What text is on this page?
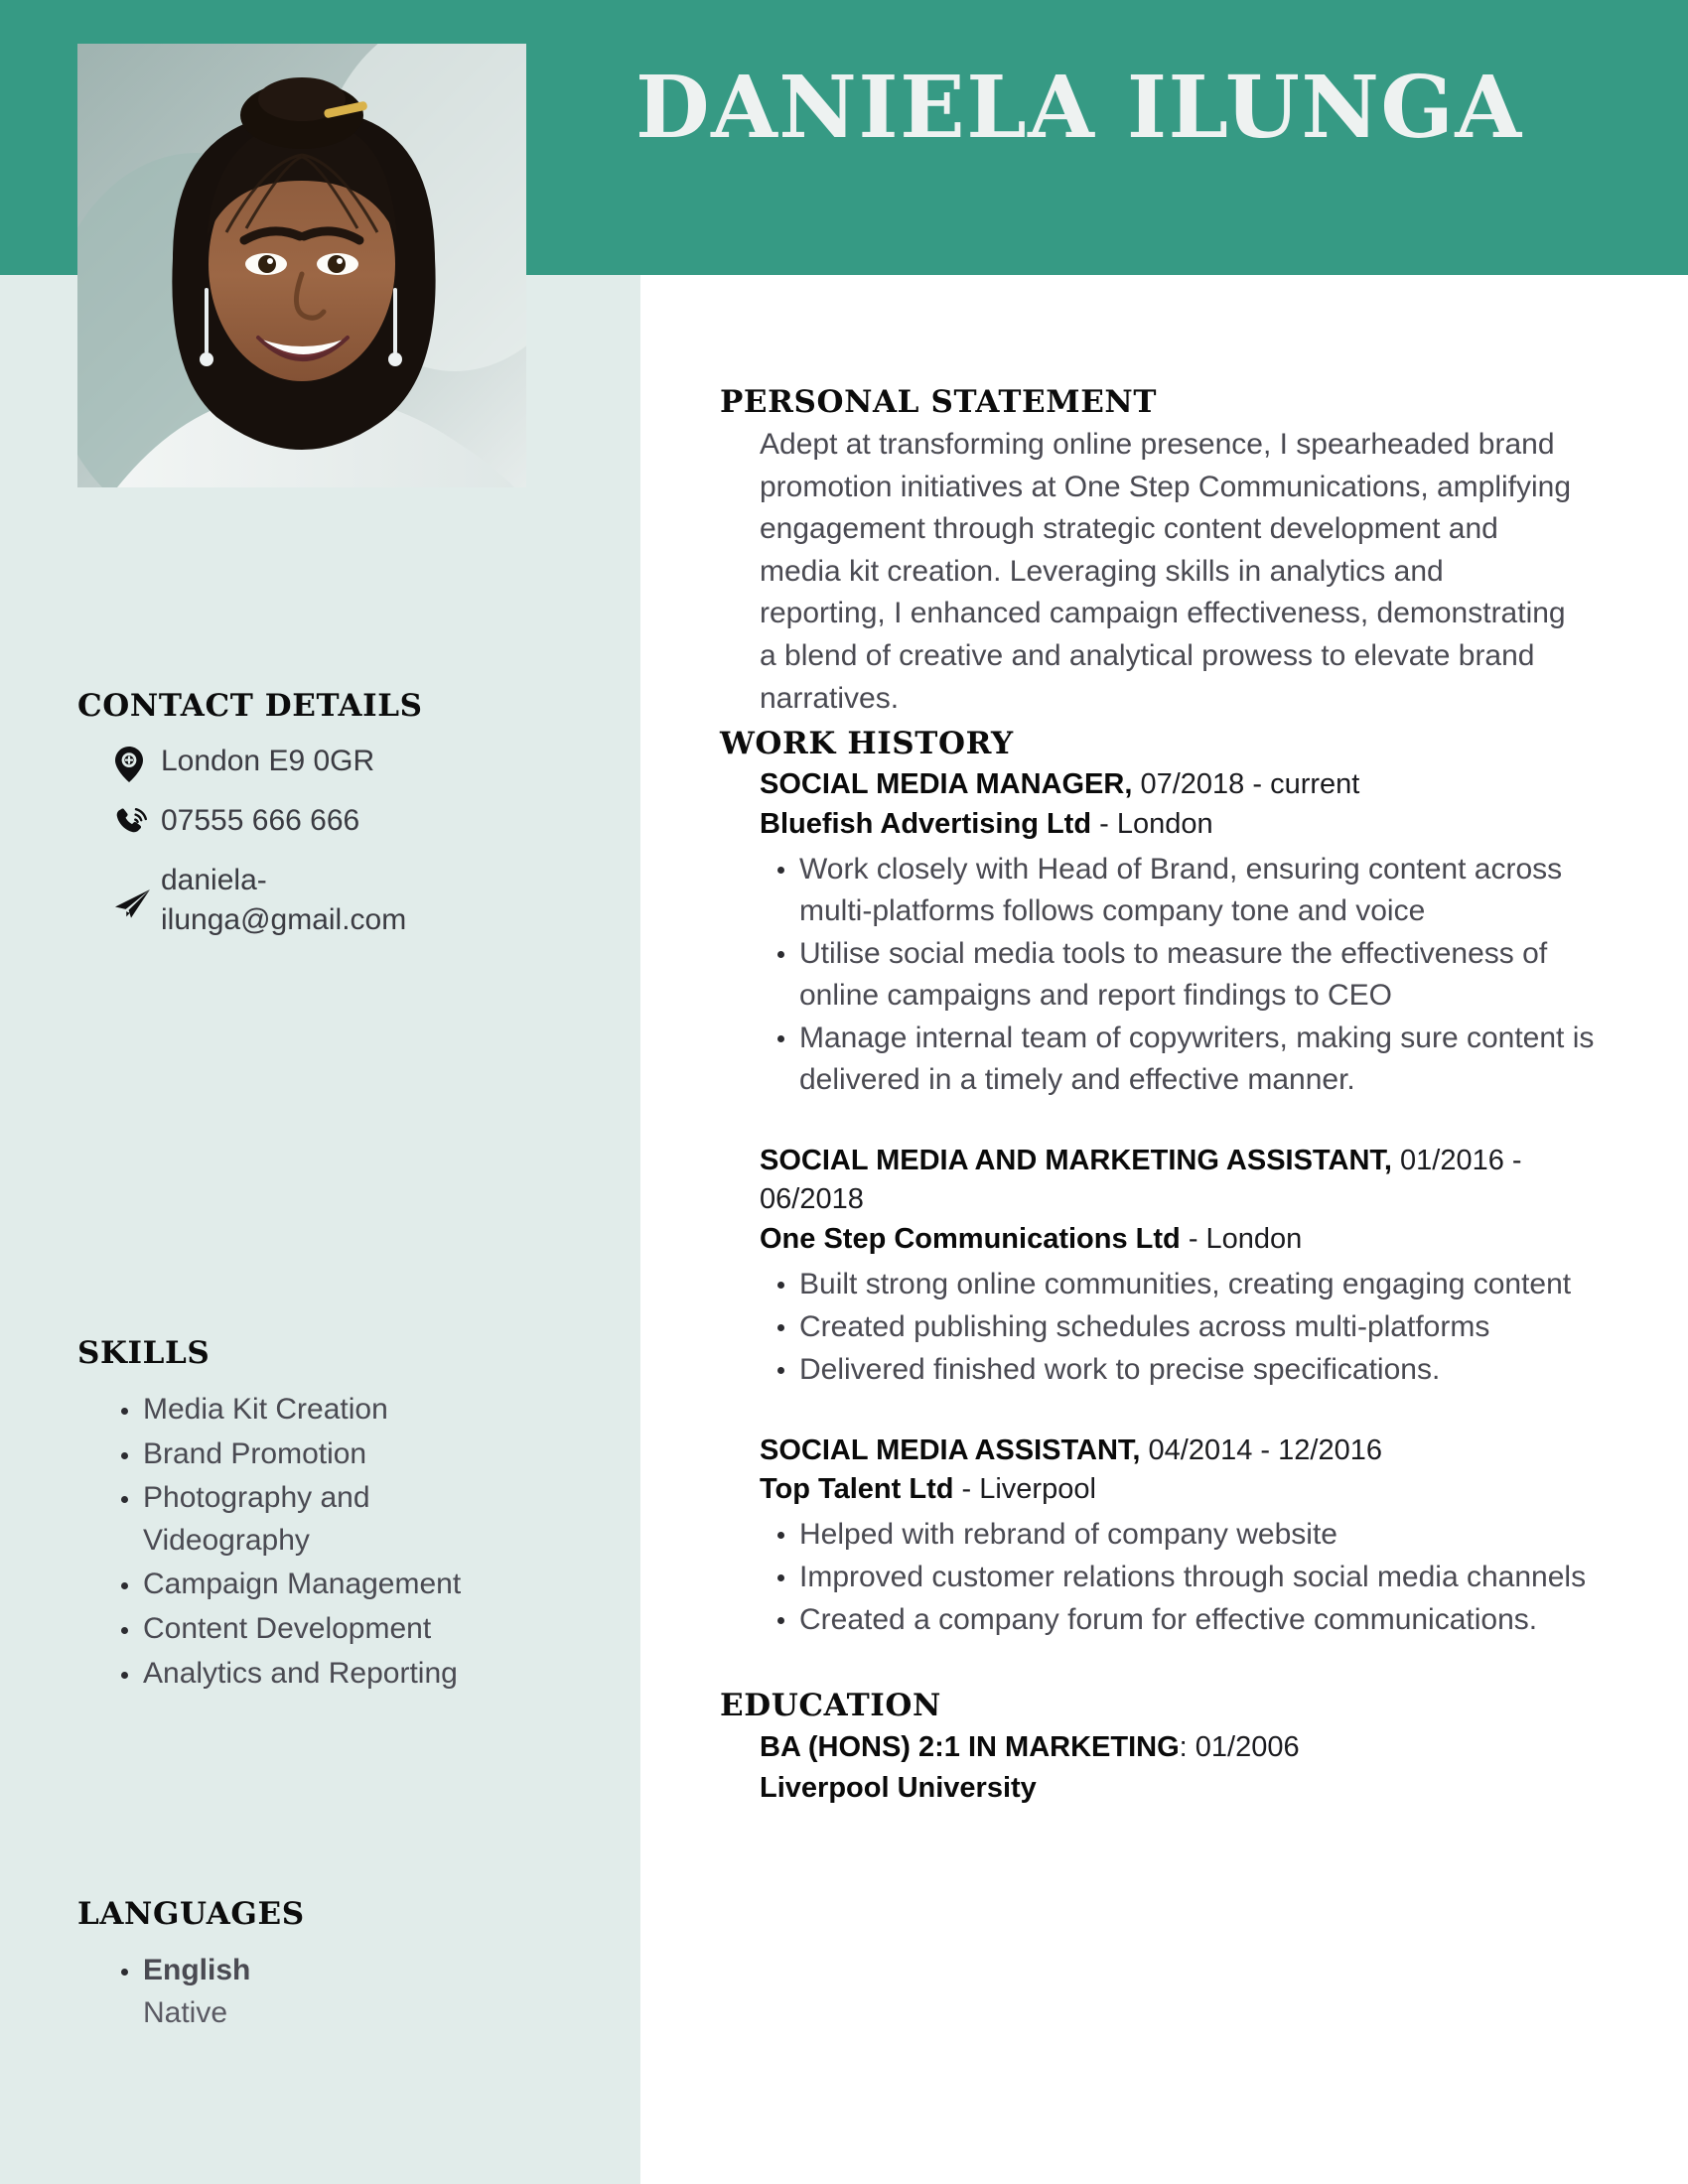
DANIELA ILUNGA
CONTACT DETAILS
London E9 0GR
07555 666 666
daniela-ilunga@gmail.com
SKILLS
Media Kit Creation
Brand Promotion
Photography and Videography
Campaign Management
Content Development
Analytics and Reporting
LANGUAGES
English
Native
PERSONAL STATEMENT

Adept at transforming online presence, I spearheaded brand promotion initiatives at One Step Communications, amplifying engagement through strategic content development and media kit creation. Leveraging skills in analytics and reporting, I enhanced campaign effectiveness, demonstrating a blend of creative and analytical prowess to elevate brand narratives.

WORK HISTORY

SOCIAL MEDIA MANAGER, 07/2018 - current

Bluefish Advertising Ltd - London

Work closely with Head of Brand, ensuring content across multi-platforms follows company tone and voice
Utilise social media tools to measure the effectiveness of online campaigns and report findings to CEO
Manage internal team of copywriters, making sure content is delivered in a timely and effective manner.

SOCIAL MEDIA AND MARKETING ASSISTANT, 01/2016 - 06/2018

One Step Communications Ltd - London

Built strong online communities, creating engaging content
Created publishing schedules across multi-platforms
Delivered finished work to precise specifications.

SOCIAL MEDIA ASSISTANT, 04/2014 - 12/2016

Top Talent Ltd - Liverpool

Helped with rebrand of company website
Improved customer relations through social media channels
Created a company forum for effective communications.
EDUCATION

BA (HONS) 2:1 IN MARKETING: 01/2006

Liverpool University
